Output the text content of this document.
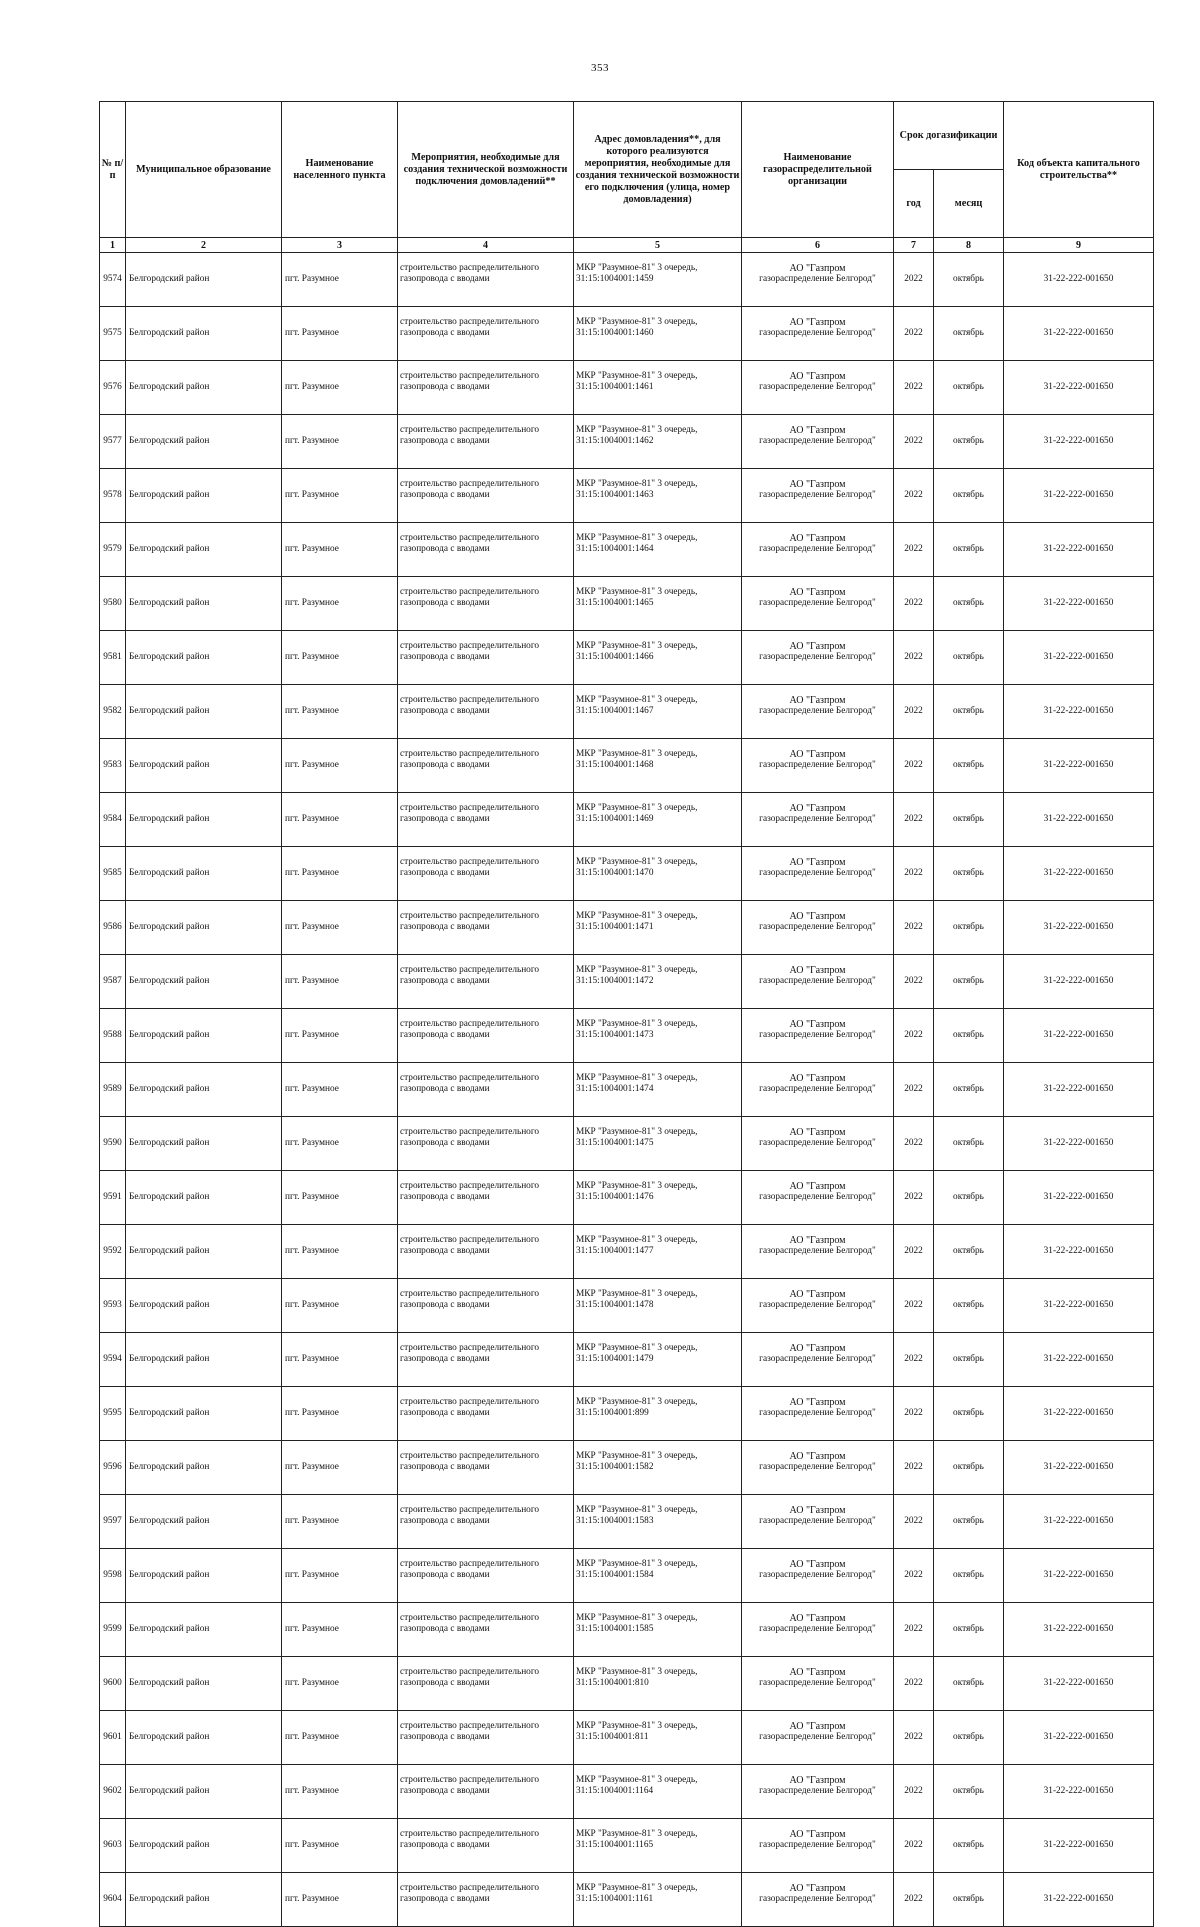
353
№ п/п	Муниципальное образование	Наименование населенного пункта	Мероприятия, необходимые для создания технической возможности подключения домовладений**	Адрес домовладения**, для которого реализуются мероприятия, необходимые для создания технической возможности его подключения (улица, номер домовладения)	Наименование газораспределительной организации	Срок догазификации		Код объекта капитального строительства**
						год	месяц	
1	2	3	4	5	6	7	8	9
9574	Белгородский район	пгт. Разумное	строительство распределительного
газопровода с вводами	МКР "Разумное-81" 3 очередь,
31:15:1004001:1459	АО "Газпром
газораспределение Белгород"	2022	октябрь	31-22-222-001650
9575	Белгородский район	пгт. Разумное	строительство распределительного
газопровода с вводами	МКР "Разумное-81" 3 очередь,
31:15:1004001:1460	АО "Газпром
газораспределение Белгород"	2022	октябрь	31-22-222-001650
9576	Белгородский район	пгт. Разумное	строительство распределительного
газопровода с вводами	МКР "Разумное-81" 3 очередь,
31:15:1004001:1461	АО "Газпром
газораспределение Белгород"	2022	октябрь	31-22-222-001650
9577	Белгородский район	пгт. Разумное	строительство распределительного
газопровода с вводами	МКР "Разумное-81" 3 очередь,
31:15:1004001:1462	АО "Газпром
газораспределение Белгород"	2022	октябрь	31-22-222-001650
9578	Белгородский район	пгт. Разумное	строительство распределительного
газопровода с вводами	МКР "Разумное-81" 3 очередь,
31:15:1004001:1463	АО "Газпром
газораспределение Белгород"	2022	октябрь	31-22-222-001650
9579	Белгородский район	пгт. Разумное	строительство распределительного
газопровода с вводами	МКР "Разумное-81" 3 очередь,
31:15:1004001:1464	АО "Газпром
газораспределение Белгород"	2022	октябрь	31-22-222-001650
9580	Белгородский район	пгт. Разумное	строительство распределительного
газопровода с вводами	МКР "Разумное-81" 3 очередь,
31:15:1004001:1465	АО "Газпром
газораспределение Белгород"	2022	октябрь	31-22-222-001650
9581	Белгородский район	пгт. Разумное	строительство распределительного
газопровода с вводами	МКР "Разумное-81" 3 очередь,
31:15:1004001:1466	АО "Газпром
газораспределение Белгород"	2022	октябрь	31-22-222-001650
9582	Белгородский район	пгт. Разумное	строительство распределительного
газопровода с вводами	МКР "Разумное-81" 3 очередь,
31:15:1004001:1467	АО "Газпром
газораспределение Белгород"	2022	октябрь	31-22-222-001650
9583	Белгородский район	пгт. Разумное	строительство распределительного
газопровода с вводами	МКР "Разумное-81" 3 очередь,
31:15:1004001:1468	АО "Газпром
газораспределение Белгород"	2022	октябрь	31-22-222-001650
9584	Белгородский район	пгт. Разумное	строительство распределительного
газопровода с вводами	МКР "Разумное-81" 3 очередь,
31:15:1004001:1469	АО "Газпром
газораспределение Белгород"	2022	октябрь	31-22-222-001650
9585	Белгородский район	пгт. Разумное	строительство распределительного
газопровода с вводами	МКР "Разумное-81" 3 очередь,
31:15:1004001:1470	АО "Газпром
газораспределение Белгород"	2022	октябрь	31-22-222-001650
9586	Белгородский район	пгт. Разумное	строительство распределительного
газопровода с вводами	МКР "Разумное-81" 3 очередь,
31:15:1004001:1471	АО "Газпром
газораспределение Белгород"	2022	октябрь	31-22-222-001650
9587	Белгородский район	пгт. Разумное	строительство распределительного
газопровода с вводами	МКР "Разумное-81" 3 очередь,
31:15:1004001:1472	АО "Газпром
газораспределение Белгород"	2022	октябрь	31-22-222-001650
9588	Белгородский район	пгт. Разумное	строительство распределительного
газопровода с вводами	МКР "Разумное-81" 3 очередь,
31:15:1004001:1473	АО "Газпром
газораспределение Белгород"	2022	октябрь	31-22-222-001650
9589	Белгородский район	пгт. Разумное	строительство распределительного
газопровода с вводами	МКР "Разумное-81" 3 очередь,
31:15:1004001:1474	АО "Газпром
газораспределение Белгород"	2022	октябрь	31-22-222-001650
9590	Белгородский район	пгт. Разумное	строительство распределительного
газопровода с вводами	МКР "Разумное-81" 3 очередь,
31:15:1004001:1475	АО "Газпром
газораспределение Белгород"	2022	октябрь	31-22-222-001650
9591	Белгородский район	пгт. Разумное	строительство распределительного
газопровода с вводами	МКР "Разумное-81" 3 очередь,
31:15:1004001:1476	АО "Газпром
газораспределение Белгород"	2022	октябрь	31-22-222-001650
9592	Белгородский район	пгт. Разумное	строительство распределительного
газопровода с вводами	МКР "Разумное-81" 3 очередь,
31:15:1004001:1477	АО "Газпром
газораспределение Белгород"	2022	октябрь	31-22-222-001650
9593	Белгородский район	пгт. Разумное	строительство распределительного
газопровода с вводами	МКР "Разумное-81" 3 очередь,
31:15:1004001:1478	АО "Газпром
газораспределение Белгород"	2022	октябрь	31-22-222-001650
9594	Белгородский район	пгт. Разумное	строительство распределительного
газопровода с вводами	МКР "Разумное-81" 3 очередь,
31:15:1004001:1479	АО "Газпром
газораспределение Белгород"	2022	октябрь	31-22-222-001650
9595	Белгородский район	пгт. Разумное	строительство распределительного
газопровода с вводами	МКР "Разумное-81" 3 очередь,
31:15:1004001:899	АО "Газпром
газораспределение Белгород"	2022	октябрь	31-22-222-001650
9596	Белгородский район	пгт. Разумное	строительство распределительного
газопровода с вводами	МКР "Разумное-81" 3 очередь,
31:15:1004001:1582	АО "Газпром
газораспределение Белгород"	2022	октябрь	31-22-222-001650
9597	Белгородский район	пгт. Разумное	строительство распределительного
газопровода с вводами	МКР "Разумное-81" 3 очередь,
31:15:1004001:1583	АО "Газпром
газораспределение Белгород"	2022	октябрь	31-22-222-001650
9598	Белгородский район	пгт. Разумное	строительство распределительного
газопровода с вводами	МКР "Разумное-81" 3 очередь,
31:15:1004001:1584	АО "Газпром
газораспределение Белгород"	2022	октябрь	31-22-222-001650
9599	Белгородский район	пгт. Разумное	строительство распределительного
газопровода с вводами	МКР "Разумное-81" 3 очередь,
31:15:1004001:1585	АО "Газпром
газораспределение Белгород"	2022	октябрь	31-22-222-001650
9600	Белгородский район	пгт. Разумное	строительство распределительного
газопровода с вводами	МКР "Разумное-81" 3 очередь,
31:15:1004001:810	АО "Газпром
газораспределение Белгород"	2022	октябрь	31-22-222-001650
9601	Белгородский район	пгт. Разумное	строительство распределительного
газопровода с вводами	МКР "Разумное-81" 3 очередь,
31:15:1004001:811	АО "Газпром
газораспределение Белгород"	2022	октябрь	31-22-222-001650
9602	Белгородский район	пгт. Разумное	строительство распределительного
газопровода с вводами	МКР "Разумное-81" 3 очередь,
31:15:1004001:1164	АО "Газпром
газораспределение Белгород"	2022	октябрь	31-22-222-001650
9603	Белгородский район	пгт. Разумное	строительство распределительного
газопровода с вводами	МКР "Разумное-81" 3 очередь,
31:15:1004001:1165	АО "Газпром
газораспределение Белгород"	2022	октябрь	31-22-222-001650
9604	Белгородский район	пгт. Разумное	строительство распределительного
газопровода с вводами	МКР "Разумное-81" 3 очередь,
31:15:1004001:1161	АО "Газпром
газораспределение Белгород"	2022	октябрь	31-22-222-001650
